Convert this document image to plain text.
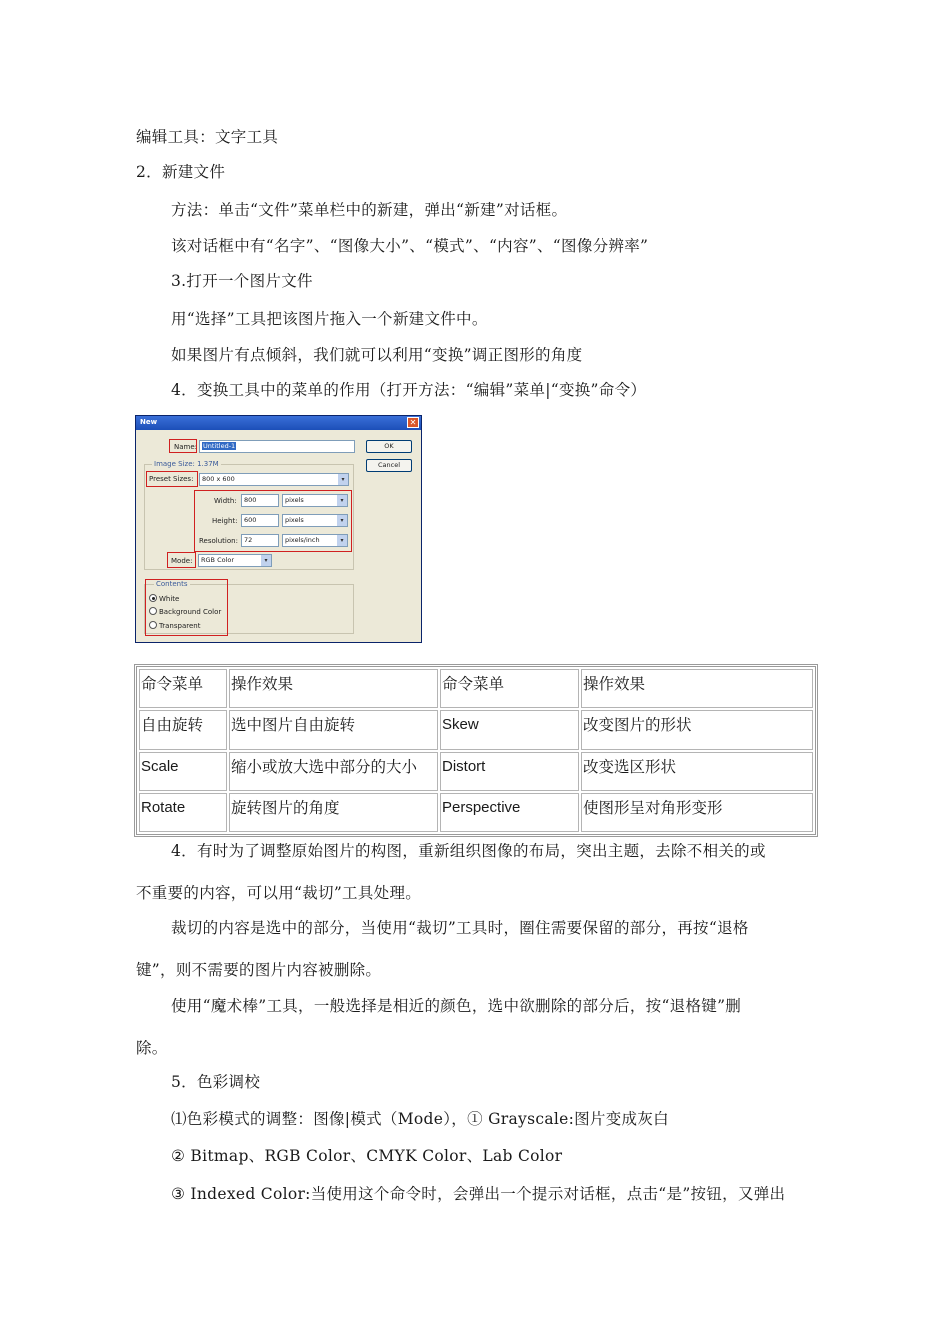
编辑工具：文字工具
2．新建文件
方法：单击“文件”菜单栏中的新建，弹出“新建”对话框。
该对话框中有“名字”、“图像大小”、“模式”、“内容”、“图像分辨率”
3.打开一个图片文件
用“选择”工具把该图片拖入一个新建文件中。
如果图片有点倾斜，我们就可以利用“变换”调正图形的角度
4．变换工具中的菜单的作用（打开方法：“编辑”菜单|“变换”命令）
New	✕
Name: Untitled-1	OK
Cancel
Image Size: 1.37M
Preset Sizes:	800 x 600	▾
Width:	800	pixels	▾
Height:	600	pixels	▾
Resolution: 72	pixels/inch	▾
Mode:	RGB Color	▾
Contents
White
Background Color
Transparent
命令菜单	操作效果	命令菜单	操作效果
自由旋转	选中图片自由旋转	Skew	改变图片的形状
Scale	缩小或放大选中部分的大小	Distort	改变选区形状
Rotate	旋转图片的角度	Perspective	使图形呈对角形变形
4．有时为了调整原始图片的构图，重新组织图像的布局，突出主题，去除不相关的或
不重要的内容，可以用“裁切”工具处理。
裁切的内容是选中的部分，当使用“裁切”工具时，圈住需要保留的部分，再按“退格
键”，则不需要的图片内容被删除。
使用“魔术棒”工具，一般选择是相近的颜色，选中欲删除的部分后，按“退格键”删
除。
5．色彩调校
⑴色彩模式的调整：图像|模式（Mode），① Grayscale:图片变成灰白
② Bitmap、RGB Color、CMYK Color、Lab Color
③ Indexed Color:当使用这个命令时，会弹出一个提示对话框，点击“是”按钮，又弹出
